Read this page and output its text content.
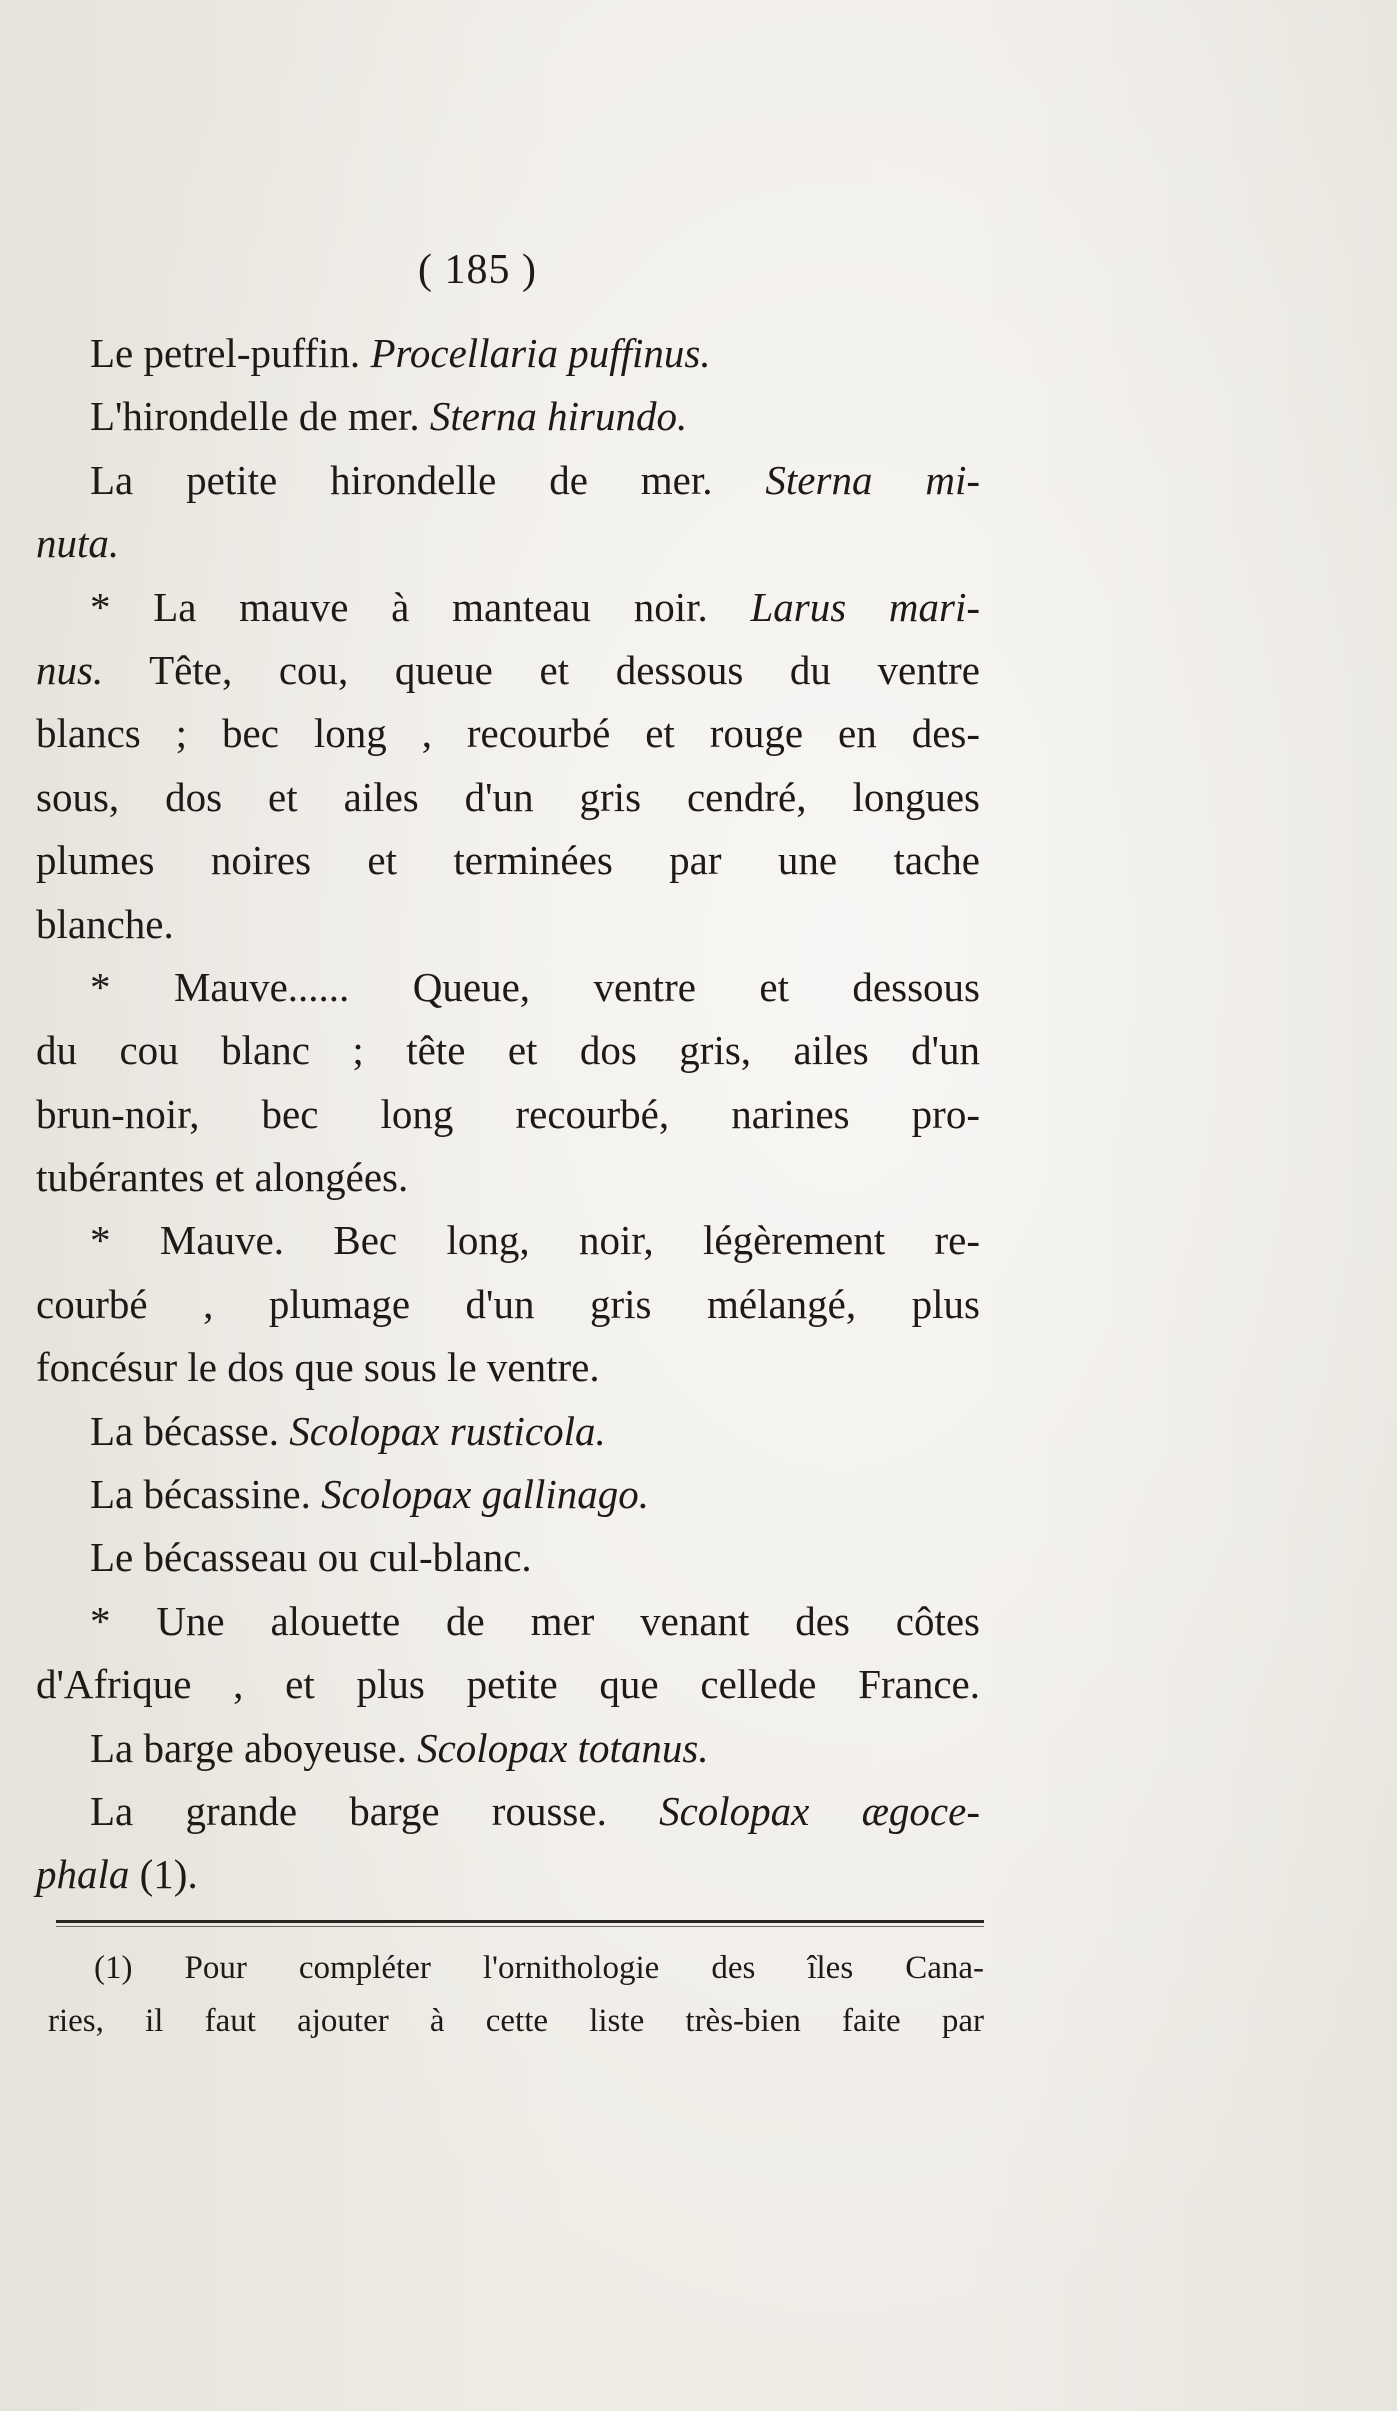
( 185 )
Le petrel-puffin. Procellaria puffinus.
L'hirondelle de mer. Sterna hirundo.
La petite hirondelle de mer. Sterna mi-
nuta.
* La mauve à manteau noir. Larus mari-
nus. Tête, cou, queue et dessous du ventre
blancs ; bec long , recourbé et rouge en des-
sous, dos et ailes d'un gris cendré, longues
plumes noires et terminées par une tache
blanche.
* Mauve...... Queue, ventre et dessous
du cou blanc ; tête et dos gris, ailes d'un
brun-noir, bec long recourbé, narines pro-
tubérantes et alongées.
* Mauve. Bec long, noir, légèrement re-
courbé , plumage d'un gris mélangé, plus
foncésur le dos que sous le ventre.
La bécasse. Scolopax rusticola.
La bécassine. Scolopax gallinago.
Le bécasseau ou cul-blanc.
* Une alouette de mer venant des côtes
d'Afrique , et plus petite que cellede France.
La barge aboyeuse. Scolopax totanus.
La grande barge rousse. Scolopax ægoce-
phala (1).
(1) Pour compléter l'ornithologie des îles Cana-
ries, il faut ajouter à cette liste très-bien faite par
